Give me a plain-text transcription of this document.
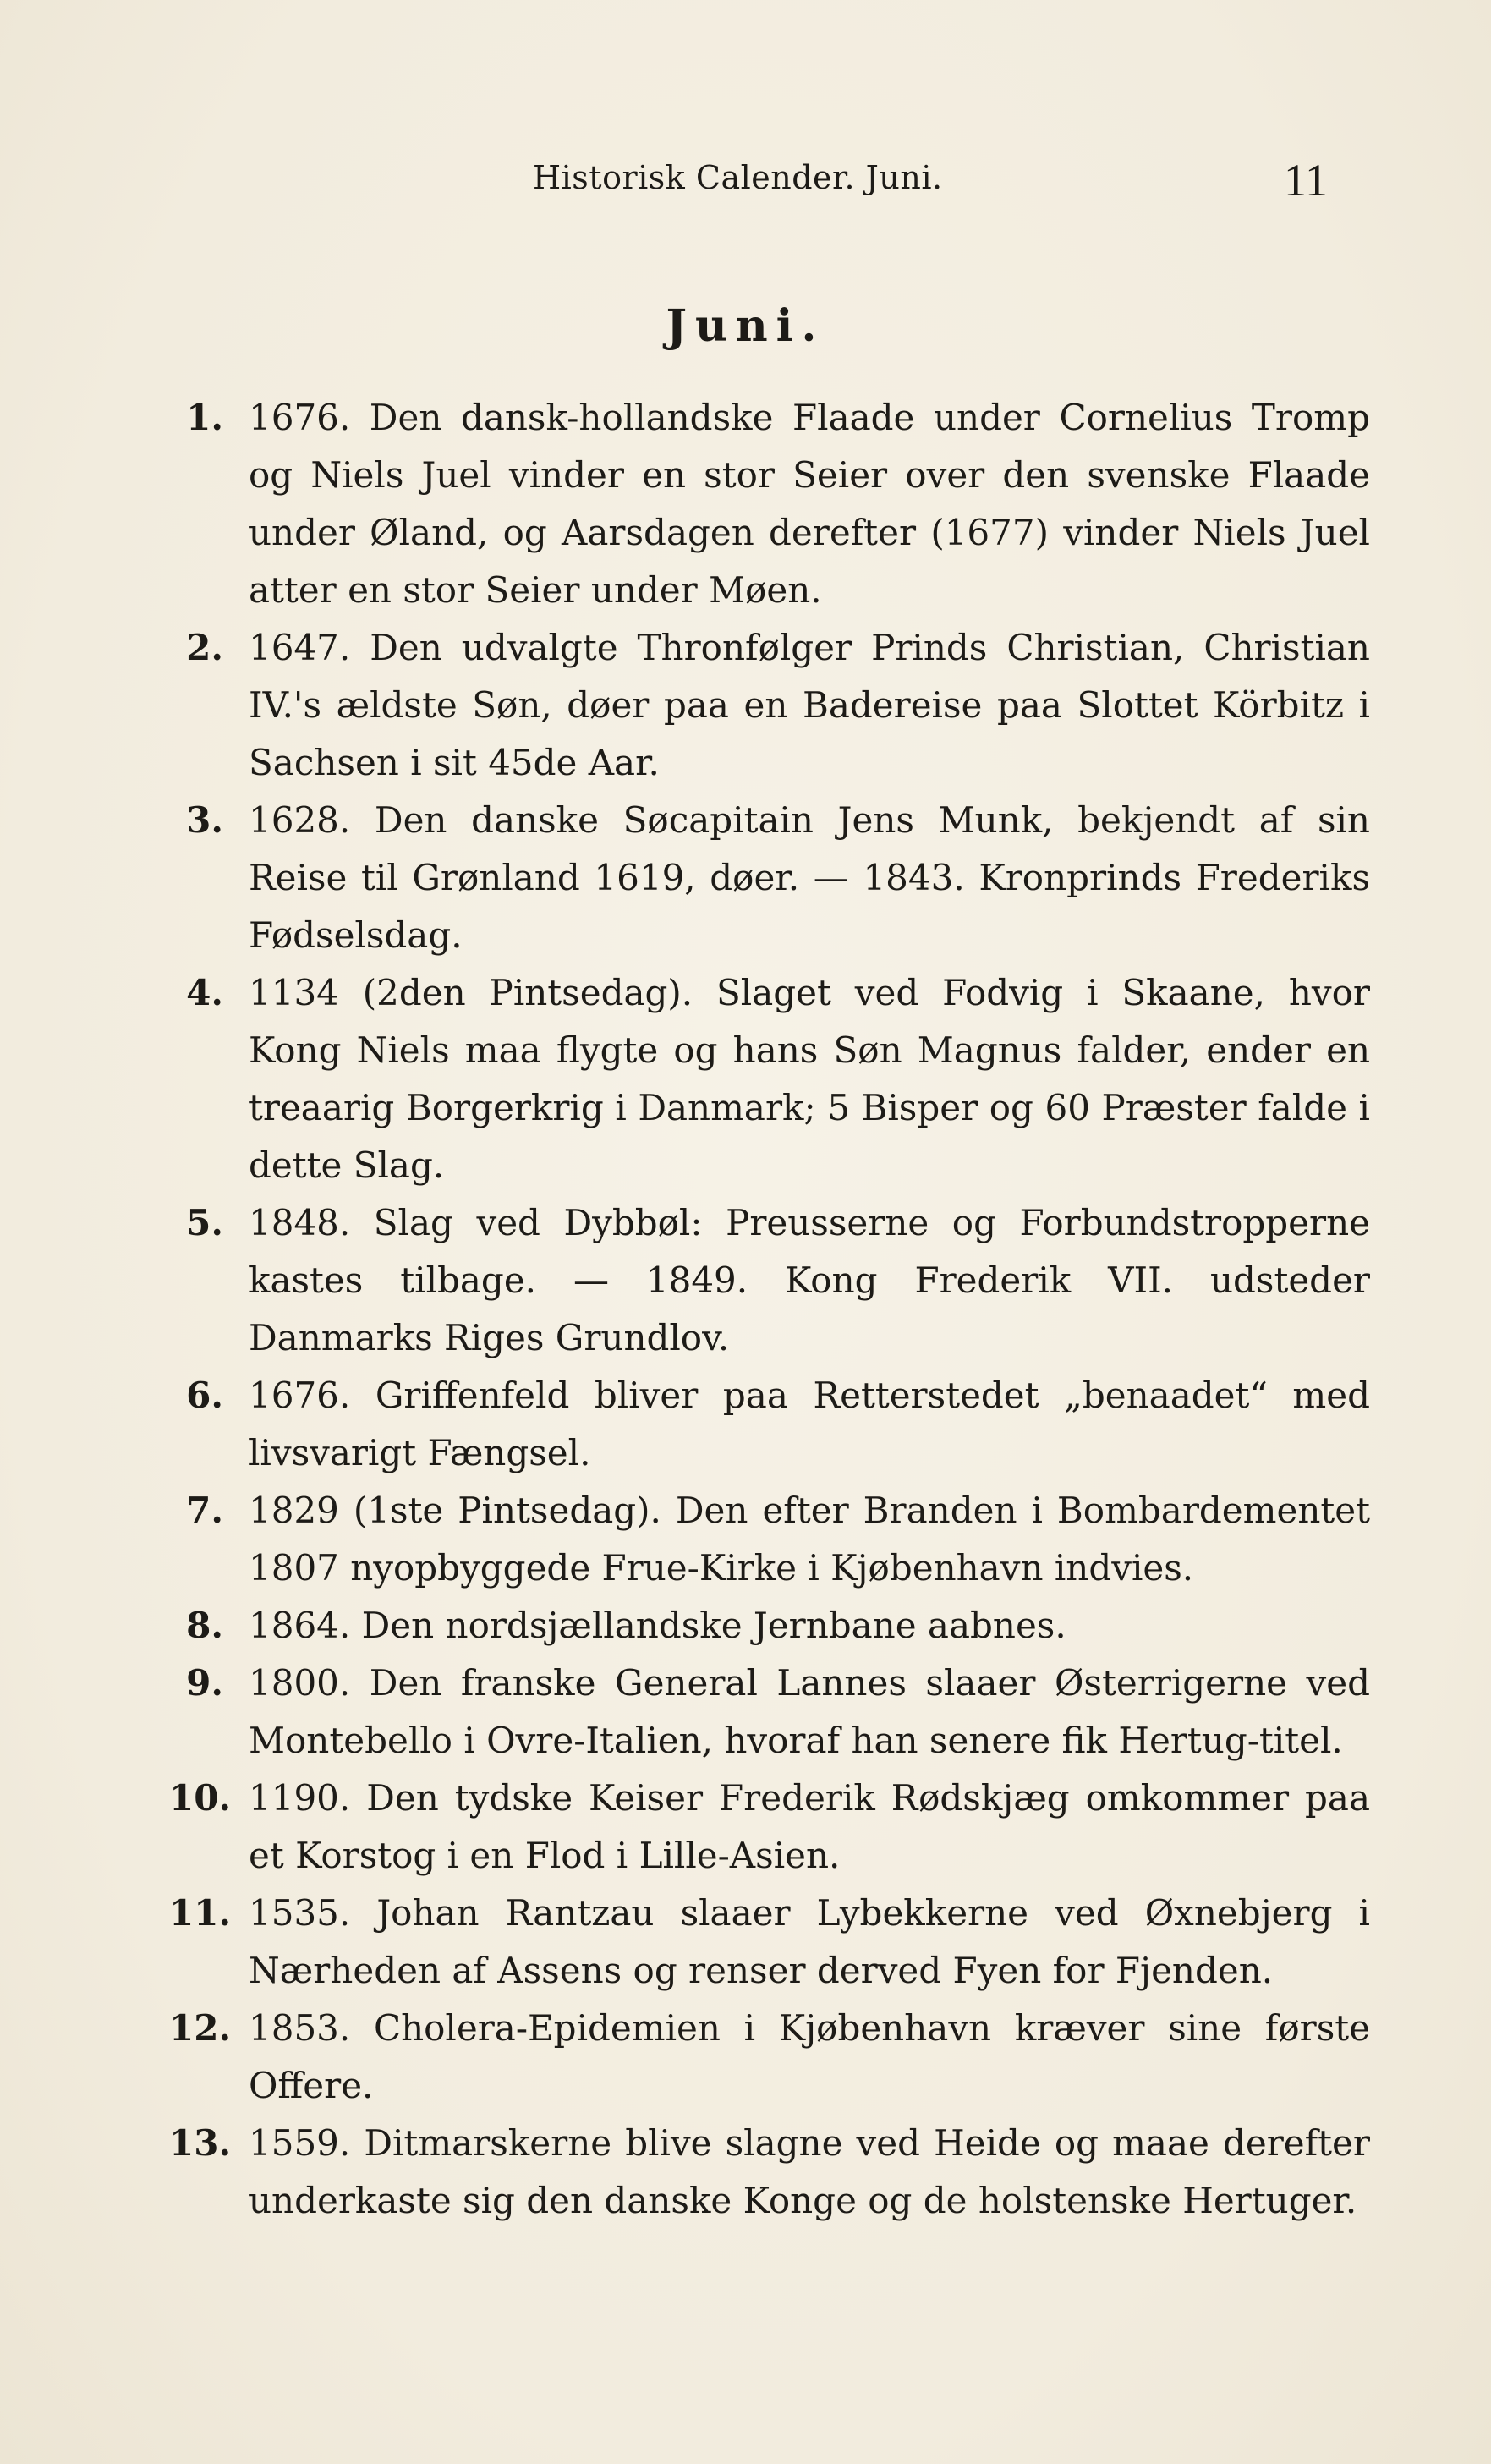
Historisk Calender. Juni.	11
Juni.

1. 1676. Den dansk-hollandske Flaade under Cornelius Tromp og Niels Juel vinder en stor Seier over den svenske Flaade under Øland, og Aarsdagen derefter (1677) vinder Niels Juel atter en stor Seier under Møen.

2. 1647. Den udvalgte Thronfølger Prinds Christian, Christian IV.'s ældste Søn, døer paa en Badereise paa Slottet Körbitz i Sachsen i sit 45de Aar.

3. 1628. Den danske Søcapitain Jens Munk, bekjendt af sin Reise til Grønland 1619, døer. — 1843. Kronprinds Frederiks Fødselsdag.

4. 1134 (2den Pintsedag). Slaget ved Fodvig i Skaane, hvor Kong Niels maa flygte og hans Søn Magnus falder, ender en treaarig Borgerkrig i Danmark; 5 Bisper og 60 Præster falde i dette Slag.

5. 1848. Slag ved Dybbøl: Preusserne og Forbundstropperne kastes tilbage. — 1849. Kong Frederik VII. udsteder Danmarks Riges Grundlov.

6. 1676. Griffenfeld bliver paa Retterstedet „benaadet“ med livsvarigt Fængsel.

7. 1829 (1ste Pintsedag). Den efter Branden i Bombardementet 1807 nyopbyggede Frue-Kirke i Kjøbenhavn indvies.

8. 1864. Den nordsjællandske Jernbane aabnes.

9. 1800. Den franske General Lannes slaaer Østerrigerne ved Montebello i Ovre-Italien, hvoraf han senere fik Hertug-titel.

10. 1190. Den tydske Keiser Frederik Rødskjæg omkommer paa et Korstog i en Flod i Lille-Asien.

11. 1535. Johan Rantzau slaaer Lybekkerne ved Øxnebjerg i Nærheden af Assens og renser derved Fyen for Fjenden.

12. 1853. Cholera-Epidemien i Kjøbenhavn kræver sine første Offere.

13. 1559. Ditmarskerne blive slagne ved Heide og maae derefter underkaste sig den danske Konge og de holstenske Hertuger.
